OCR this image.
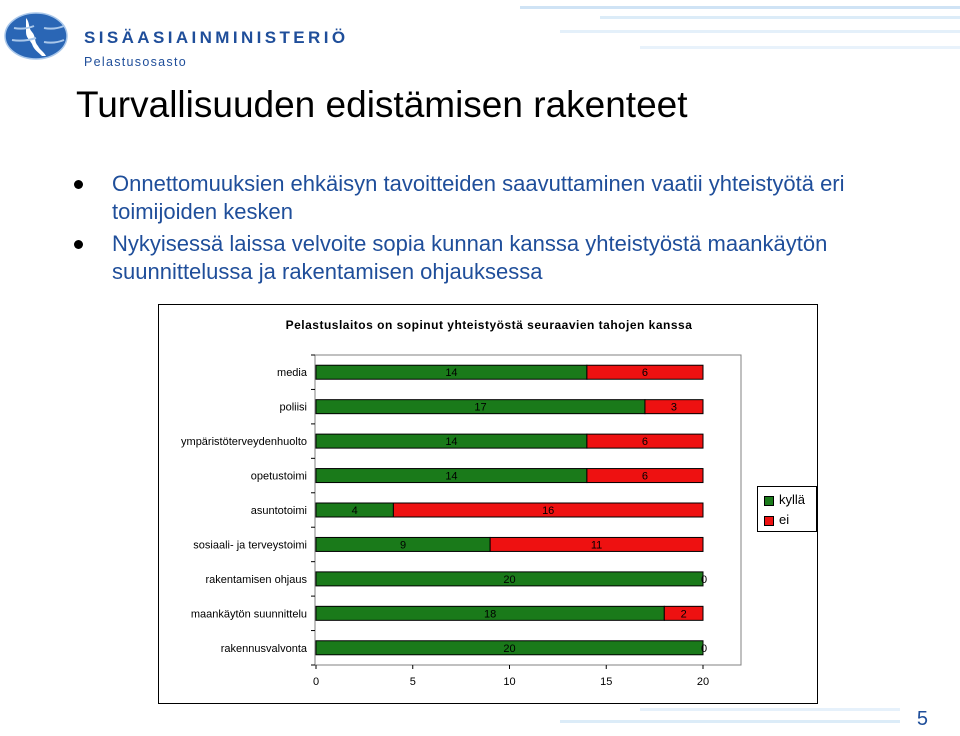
SISÄASIAINMINISTERIÖ
Pelastusosasto
Turvallisuuden edistämisen rakenteet
Onnettomuuksien ehkäisyn tavoitteiden saavuttaminen vaatii yhteistyötä eri toimijoiden kesken
Nykyisessä laissa velvoite sopia kunnan kanssa yhteistyöstä maankäytön suunnittelussa ja rakentamisen ohjauksessa
Pelastuslaitos on sopinut yhteistyöstä seuraavien tahojen kanssa
media	14	6
poliisi	17	3
ympäristöterveydenhuolto	14	6
opetustoimi	14	6
asuntotoimi	4	16
sosiaali- ja terveystoimi	9	11
rakentamisen ohjaus	20	0
maankäytön suunnittelu	18	2
rakennusvalvonta	20	0
0	5	10	15	20
kyllä
ei
5
